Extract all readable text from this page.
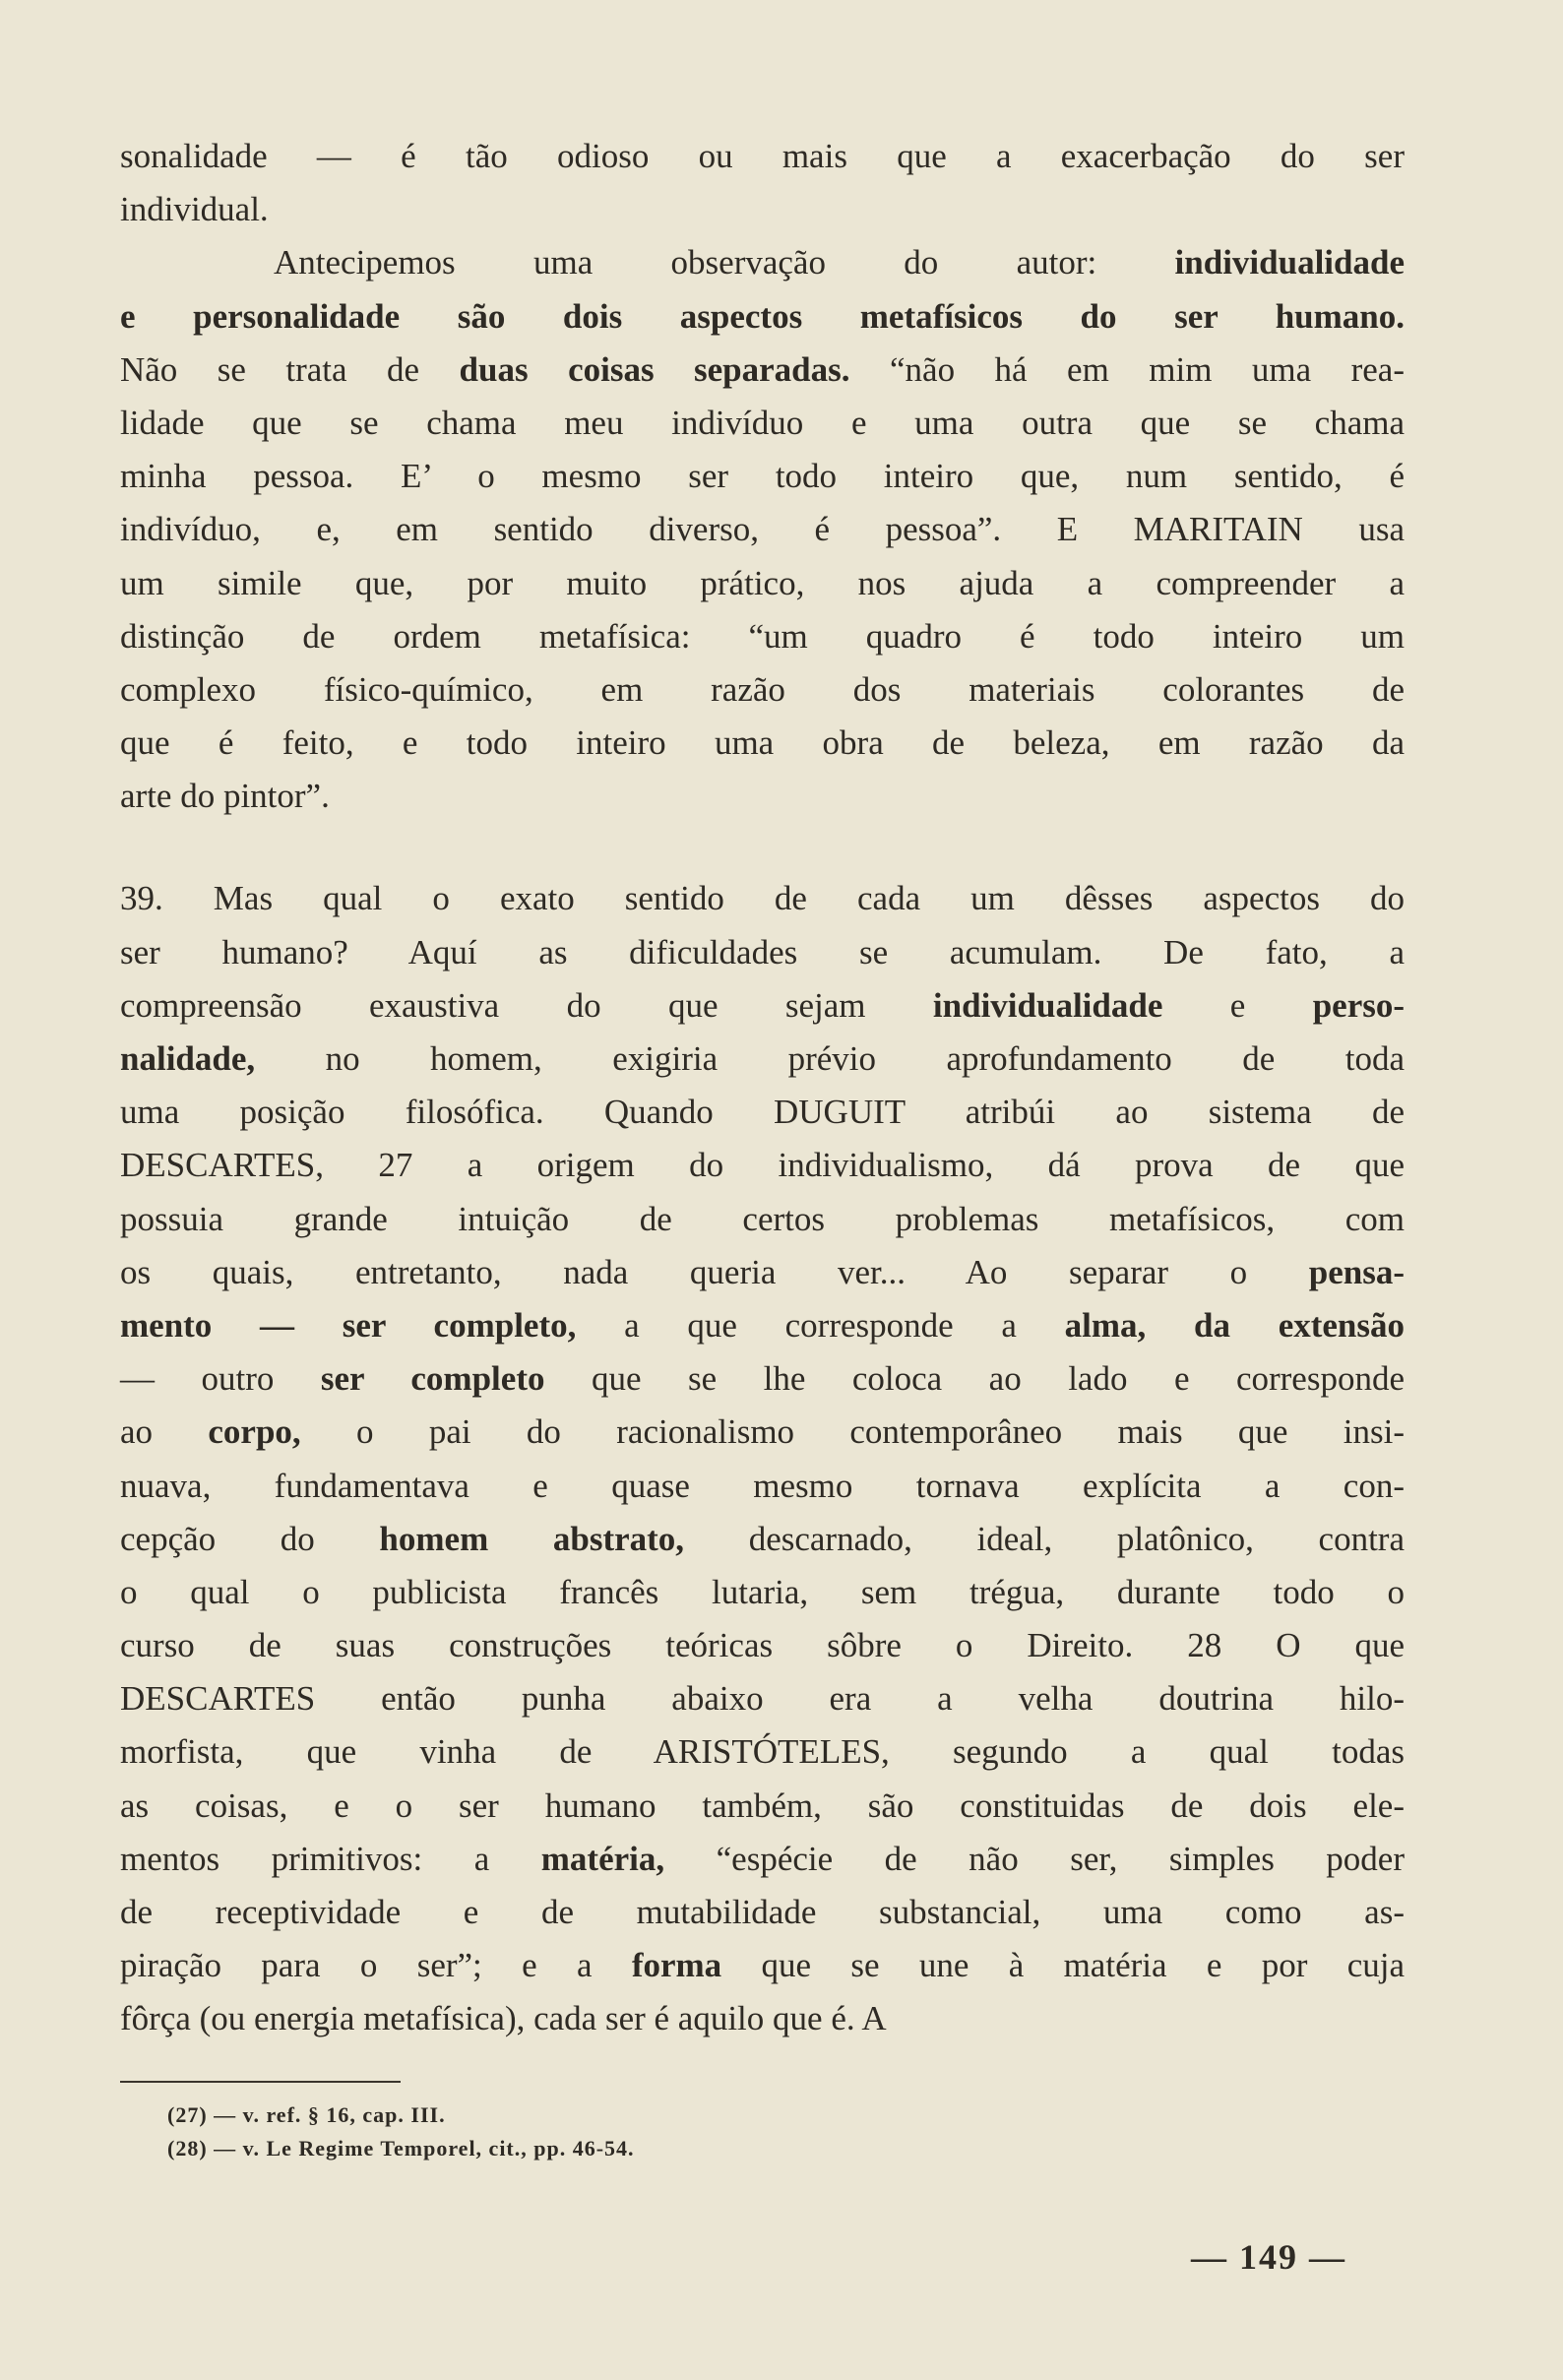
sonalidade — é tão odioso ou mais que a exacerbação do ser
individual.
Antecipemos uma observação do autor: individualidade
e personalidade são dois aspectos metafísicos do ser humano.
Não se trata de duas coisas separadas. “não há em mim uma rea-
lidade que se chama meu indivíduo e uma outra que se chama
minha pessoa. E’ o mesmo ser todo inteiro que, num sentido, é
indivíduo, e, em sentido diverso, é pessoa”. E MARITAIN usa
um simile que, por muito prático, nos ajuda a compreender a
distinção de ordem metafísica: “um quadro é todo inteiro um
complexo físico-químico, em razão dos materiais colorantes de
que é feito, e todo inteiro uma obra de beleza, em razão da
arte do pintor”.
39. Mas qual o exato sentido de cada um dêsses aspectos do
ser humano? Aquí as dificuldades se acumulam. De fato, a
compreensão exaustiva do que sejam individualidade e perso-
nalidade, no homem, exigiria prévio aprofundamento de toda
uma posição filosófica. Quando DUGUIT atribúi ao sistema de
DESCARTES, 27 a origem do individualismo, dá prova de que
possuia grande intuição de certos problemas metafísicos, com
os quais, entretanto, nada queria ver... Ao separar o pensa-
mento — ser completo, a que corresponde a alma, da extensão
— outro ser completo que se lhe coloca ao lado e corresponde
ao corpo, o pai do racionalismo contemporâneo mais que insi-
nuava, fundamentava e quase mesmo tornava explícita a con-
cepção do homem abstrato, descarnado, ideal, platônico, contra
o qual o publicista francês lutaria, sem trégua, durante todo o
curso de suas construções teóricas sôbre o Direito. 28 O que
DESCARTES então punha abaixo era a velha doutrina hilo-
morfista, que vinha de ARISTÓTELES, segundo a qual todas
as coisas, e o ser humano também, são constituidas de dois ele-
mentos primitivos: a matéria, “espécie de não ser, simples poder
de receptividade e de mutabilidade substancial, uma como as-
piração para o ser”; e a forma que se une à matéria e por cuja
fôrça (ou energia metafísica), cada ser é aquilo que é. A
(27) — v. ref. § 16, cap. III.
(28) — v. Le Regime Temporel, cit., pp. 46-54.
— 149 —
